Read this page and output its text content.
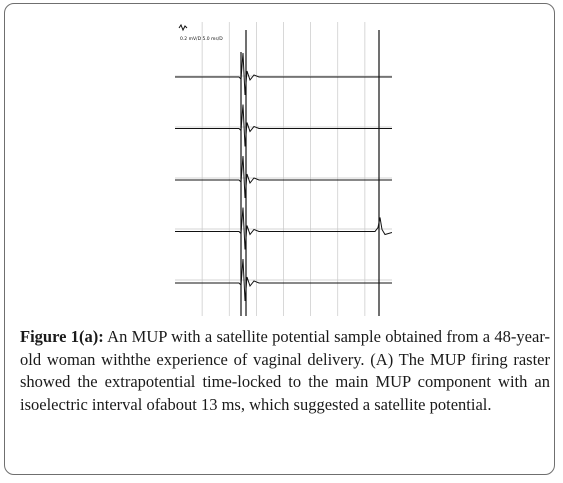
0.2 mV/D 5.0 ms/D
Figure 1(a): An MUP with a satellite potential sample obtained from a 48-year-old woman withthe experience of vaginal delivery. (A) The MUP firing raster showed the extrapotential time-locked to the main MUP component with an isoelectric interval ofabout 13 ms, which suggested a satellite potential.
